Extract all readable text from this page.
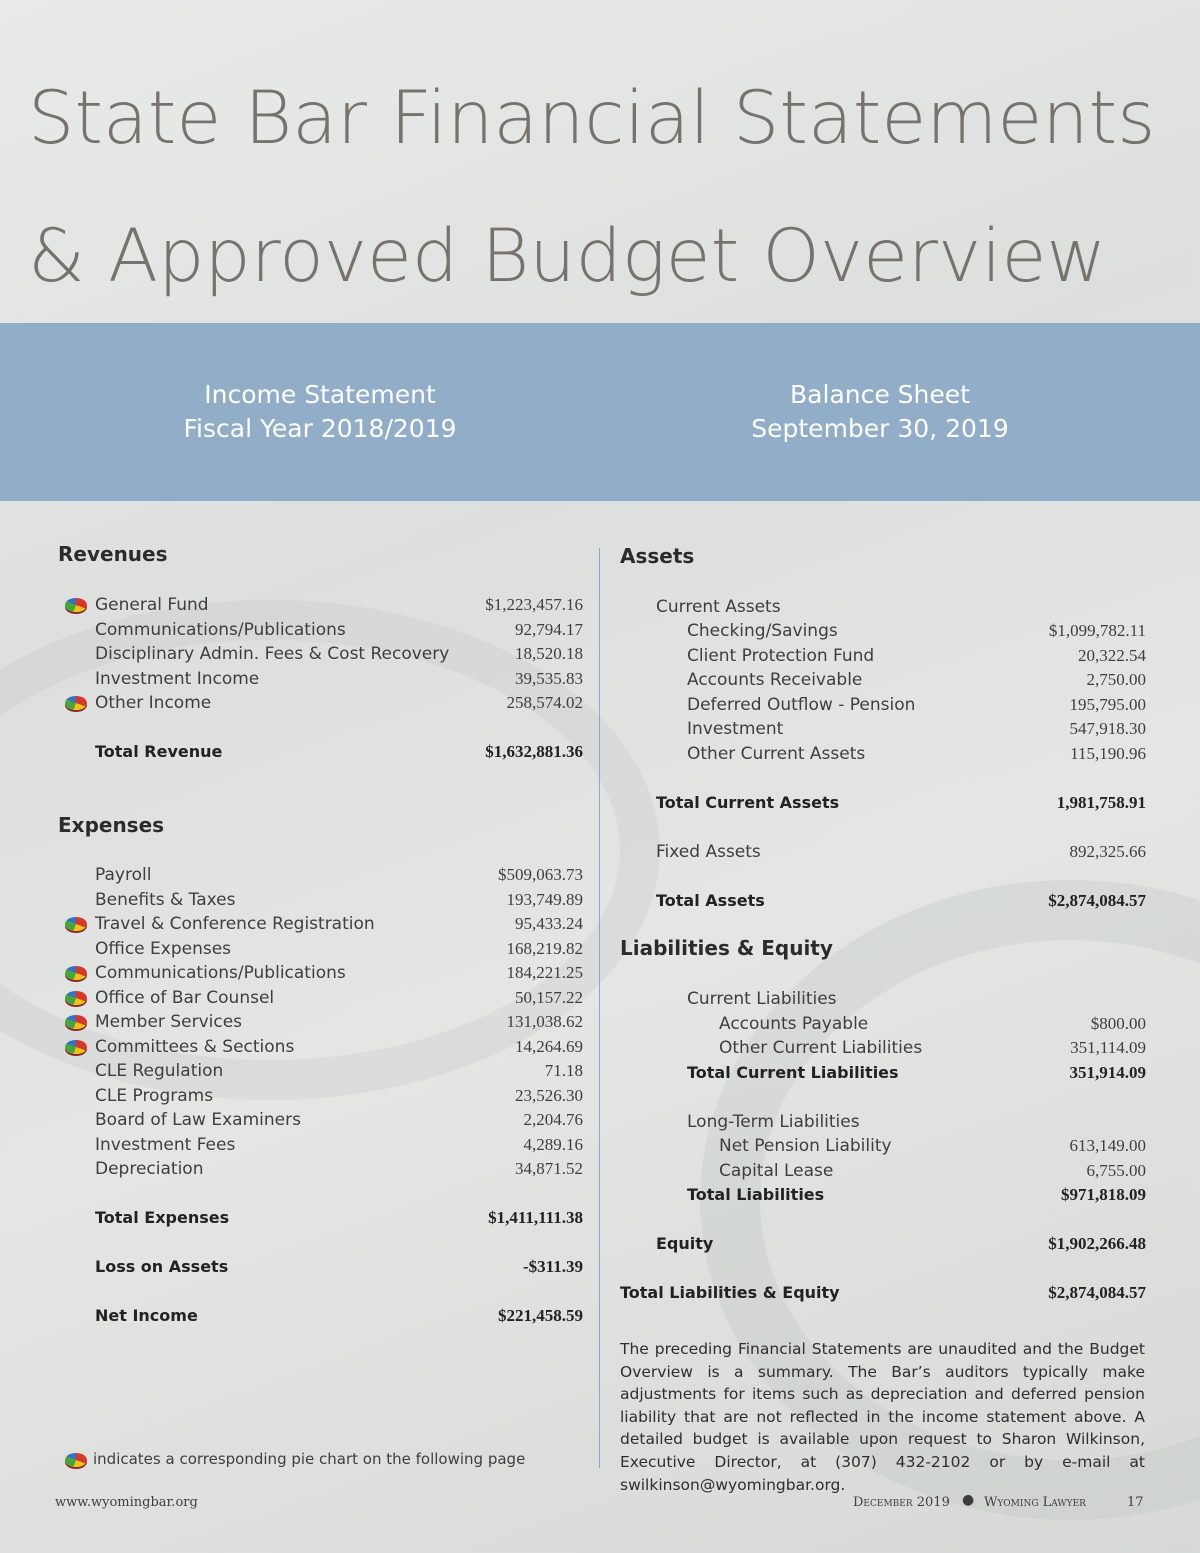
State Bar Financial Statements
& Approved Budget Overview
Income Statement
Fiscal Year 2018/2019
Balance Sheet
September 30, 2019
Revenues
General Fund	$1,223,457.16
Communications/Publications	92,794.17
Disciplinary Admin. Fees & Cost Recovery	18,520.18
Investment Income	39,535.83
Other Income	258,574.02
Total Revenue	$1,632,881.36
Expenses
Payroll	$509,063.73
Benefits & Taxes	193,749.89
Travel & Conference Registration	95,433.24
Office Expenses	168,219.82
Communications/Publications	184,221.25
Office of Bar Counsel	50,157.22
Member Services	131,038.62
Committees & Sections	14,264.69
CLE Regulation	71.18
CLE Programs	23,526.30
Board of Law Examiners	2,204.76
Investment Fees	4,289.16
Depreciation	34,871.52
Total Expenses	$1,411,111.38
Loss on Assets	-$311.39
Net Income	$221,458.59
Assets
Current Assets
Checking/Savings	$1,099,782.11
Client Protection Fund	20,322.54
Accounts Receivable	2,750.00
Deferred Outflow - Pension	195,795.00
Investment	547,918.30
Other Current Assets	115,190.96
Total Current Assets	1,981,758.91
Fixed Assets	892,325.66
Total Assets	$2,874,084.57
Liabilities & Equity
Current Liabilities
Accounts Payable	$800.00
Other Current Liabilities	351,114.09
Total Current Liabilities	351,914.09
Long-Term Liabilities
Net Pension Liability	613,149.00
Capital Lease	6,755.00
Total Liabilities	$971,818.09
Equity	$1,902,266.48
Total Liabilities & Equity	$2,874,084.57
The preceding Financial Statements are unaudited and the Budget Overview is a summary. The Bar’s auditors typically make adjustments for items such as depreciation and deferred pension liability that are not reflected in the income statement above. A detailed budget is available upon request to Sharon Wilkinson, Executive Director, at (307) 432-2102 or by e-mail at swilkinson@wyomingbar.org.
indicates a corresponding pie chart on the following page
www.wyomingbar.org	December 2019 ● Wyoming Lawyer	17
